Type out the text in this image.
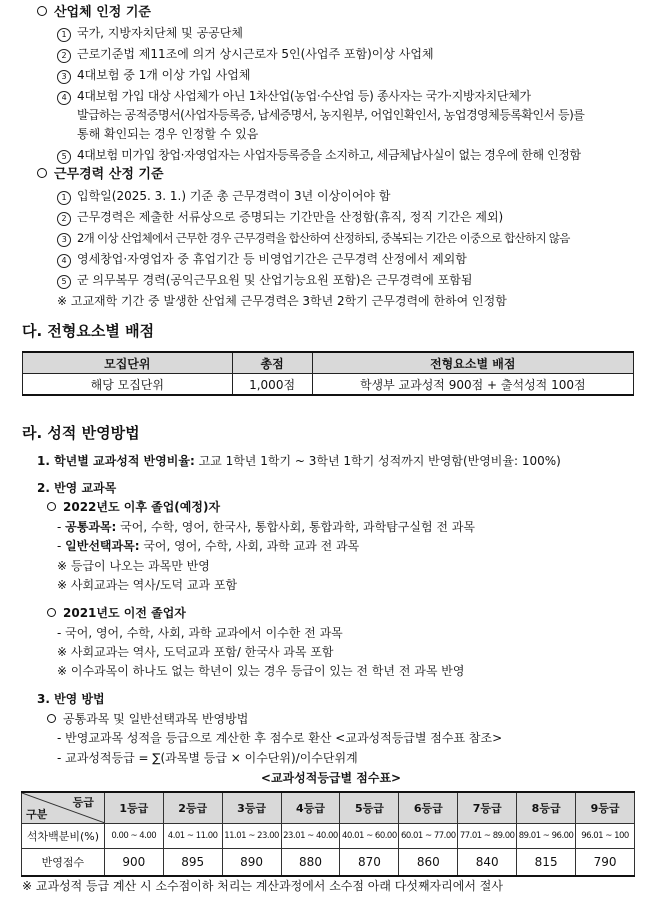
산업체 인정 기준
1 국가, 지방자치단체 및 공공단체
2 근로기준법 제11조에 의거 상시근로자 5인(사업주 포함)이상 사업체
3 4대보험 중 1개 이상 가입 사업체
4 4대보험 가입 대상 사업체가 아닌 1차산업(농업·수산업 등) 종사자는 국가·지방자치단체가
발급하는 공적증명서(사업자등록증, 납세증명서, 농지원부, 어업인확인서, 농업경영체등록확인서 등)를
통해 확인되는 경우 인정할 수 있음
5 4대보험 미가입 창업·자영업자는 사업자등록증을 소지하고, 세금체납사실이 없는 경우에 한해 인정함
근무경력 산정 기준
1 입학일(2025. 3. 1.) 기준 총 근무경력이 3년 이상이어야 함
2 근무경력은 제출한 서류상으로 증명되는 기간만을 산정함(휴직, 정직 기간은 제외)
3 2개 이상 산업체에서 근무한 경우 근무경력을 합산하여 산정하되, 중복되는 기간은 이중으로 합산하지 않음
4 영세창업·자영업자 중 휴업기간 등 비영업기간은 근무경력 산정에서 제외함
5 군 의무복무 경력(공익근무요원 및 산업기능요원 포함)은 근무경력에 포함됨
※ 고교재학 기간 중 발생한 산업체 근무경력은 3학년 2학기 근무경력에 한하여 인정함
다. 전형요소별 배점
모집단위	총점	전형요소별 배점
해당 모집단위	1,000점	학생부 교과성적 900점 + 출석성적 100점
라. 성적 반영방법
1. 학년별 교과성적 반영비율: 고교 1학년 1학기 ~ 3학년 1학기 성적까지 반영함(반영비율: 100%)
2. 반영 교과목
2022년도 이후 졸업(예정)자
- 공통과목: 국어, 수학, 영어, 한국사, 통합사회, 통합과학, 과학탐구실험 전 과목
- 일반선택과목: 국어, 영어, 수학, 사회, 과학 교과 전 과목
※ 등급이 나오는 과목만 반영
※ 사회교과는 역사/도덕 교과 포함
2021년도 이전 졸업자
- 국어, 영어, 수학, 사회, 과학 교과에서 이수한 전 과목
※ 사회교과는 역사, 도덕교과 포함/ 한국사 과목 포함
※ 이수과목이 하나도 없는 학년이 있는 경우 등급이 있는 전 학년 전 과목 반영
3. 반영 방법
공통과목 및 일반선택과목 반영방법
- 반영교과목 성적을 등급으로 계산한 후 점수로 환산 <교과성적등급별 점수표 참조>
- 교과성적등급 = ∑(과목별 등급 × 이수단위)/이수단위계
<교과성적등급별 점수표>
등급
구분	1등급	2등급	3등급	4등급	5등급	6등급	7등급	8등급	9등급
석차백분비(%)	0.00 ~ 4.00	4.01 ~ 11.00	11.01 ~ 23.00	23.01 ~ 40.00	40.01 ~ 60.00	60.01 ~ 77.00	77.01 ~ 89.00	89.01 ~ 96.00	96.01 ~ 100
반영점수	900	895	890	880	870	860	840	815	790
※ 교과성적 등급 계산 시 소수점이하 처리는 계산과정에서 소수점 아래 다섯째자리에서 절사
